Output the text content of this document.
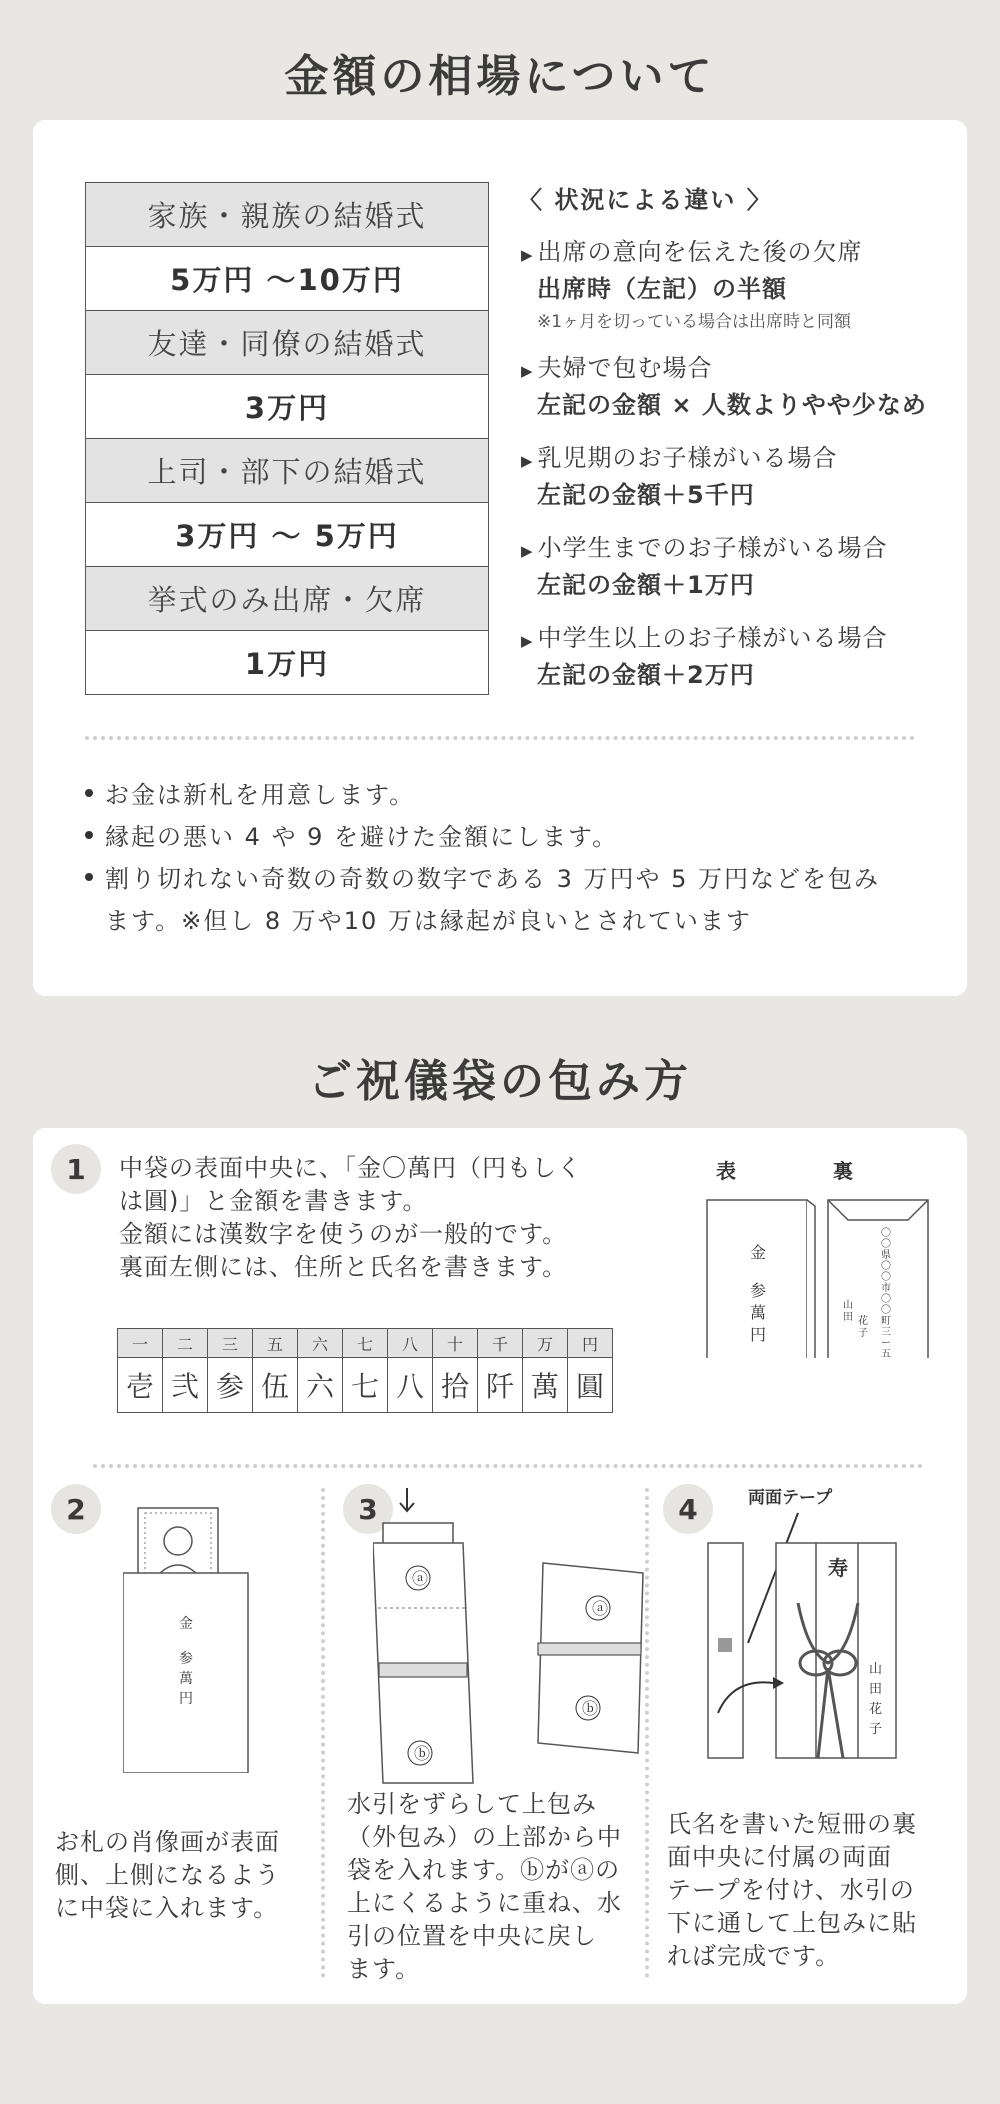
金額の相場について
家族・親族の結婚式
5万円 〜10万円
友達・同僚の結婚式
3万円
上司・部下の結婚式
3万円 〜 5万円
挙式のみ出席・欠席
1万円
〈 状況による違い 〉
▶ 出席の意向を伝えた後の欠席
出席時（左記）の半額
※1ヶ月を切っている場合は出席時と同額
▶ 夫婦で包む場合
左記の金額 × 人数よりやや少なめ
▶ 乳児期のお子様がいる場合
左記の金額＋5千円
▶ 小学生までのお子様がいる場合
左記の金額＋1万円
▶ 中学生以上のお子様がいる場合
左記の金額＋2万円
お金は新札を用意します。
縁起の悪い 4 や 9 を避けた金額にします。
割り切れない奇数の奇数の数字である 3 万円や 5 万円などを包み
ます。※但し 8 万や10 万は縁起が良いとされています
ご祝儀袋の包み方
1	中袋の表面中央に、「金〇萬円（円もしく
は圓)」と金額を書きます。
金額には漢数字を使うのが一般的です。
裏面左側には、住所と氏名を書きます。
一	二	三	五	六	七	八	十	千	万	円
壱	弐	参	伍	六	七	八	拾	阡	萬	圓
表	裏
金
参萬円
〇〇県〇〇市〇〇町三ー五
山田 花子
2
金
参萬円
お札の肖像画が表面
側、上側になるよう
に中袋に入れます。
3
ⓐ
ⓑ
ⓐ
ⓑ
水引をずらして上包み
（外包み）の上部から中
袋を入れます。ⓑがⓐの
上にくるように重ね、水
引の位置を中央に戻し
ます。
4	両面テープ
寿
山田花子
氏名を書いた短冊の裏
面中央に付属の両面
テープを付け、水引の
下に通して上包みに貼
れば完成です。
